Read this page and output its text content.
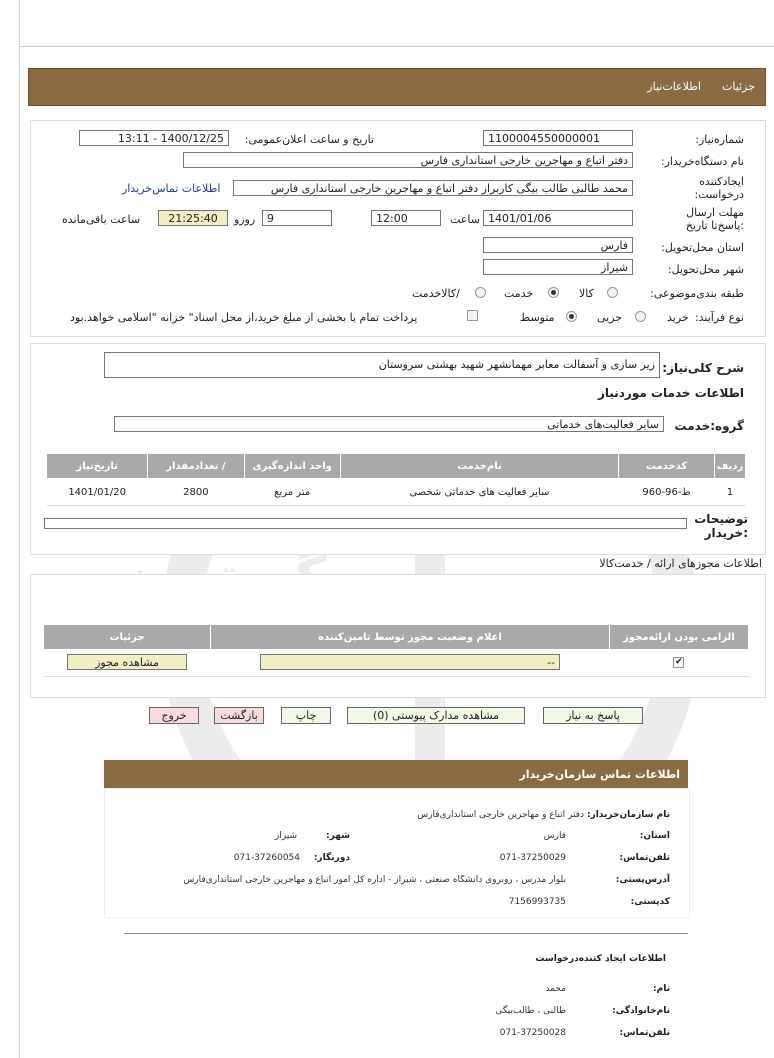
جزئیات
اطلاعات‌نیاز
شماره‌نیاز:
1100004550000001
تاریخ و ساعت اعلان‌عمومی:
1400/12/25 - 13:11
نام دستگاه‌خریدار:
دفتر اتباع و مهاجرین خارجی استانداری فارس
ایجادکننده درخواست:
محمد طالبی طالب بیگی کاربراز دفتر اتباع و مهاجرین خارجی استانداری فارس
اطلاعات تماس‌خریدار
مهلت ارسال :پاسخ‌تا تاریخ
1401/01/06
ساعت
12:00
9
روزو
21:25:40
ساعت باقی‌مانده
استان محل‌تحویل:
فارس
شهر محل‌تحویل:
شیراز
طبقه بندی‌موضوعی:
کالا
خدمت
/کالاخدمت
نوع فرآیند:
خرید
جزیی
متوسط
پرداخت تمام یا بخشی از مبلغ خرید،از محل اسناد" خزانه "اسلامی خواهد.بود
شرح کلی‌نیاز:
زیر سازی و آسفالت معابر مهمانشهر شهید بهشتی سروستان
اطلاعات خدمات موردنیاز
گروه:خدمت
سایر فعالیت‌های خدماتی
ردیف	کدخدمت	نام‌خدمت	واحد اندازه‌گیری	/ تعدادمقدار	تاریخ‌نیاز
1	ط-96-960	سایر فعالیت های خدماتی شخصی	متر مربع	2800	1401/01/20
توضیحات :خریدار
اطلاعات مجوزهای ارائه / خدمت‌کالا
الزامی بودن ارائه‌مجوز	اعلام وضعیت مجوز توسط تامین‌کننده	جزئیات
✔	--	مشاهده مجوز
پاسخ به نیاز
مشاهده مدارک پیوستی (0)
چاپ
بازگشت
خروج
اطلاعات تماس سازمان‌خریدار
نام سازمان‌خریدار:
دفتر اتباع و مهاجرین خارجی استانداری‌فارس
استان:
فارس
شهر:
شیراز
تلفن‌تماس:
071-37250029
دورنگار:
071-37260054
آدرس‌پستی:
بلوار مدرس ، روبروی دانشگاه صنعتی ، شیراز - اداره کل امور اتباع و مهاجرین خارجی استانداری‌فارس
کدپستی:
7156993735
اطلاعات ایجاد کننده‌درخواست
نام:
محمد
نام‌خانوادگی:
طالبی ، طالب‌بیگی
تلفن‌تماس:
071-37250028
